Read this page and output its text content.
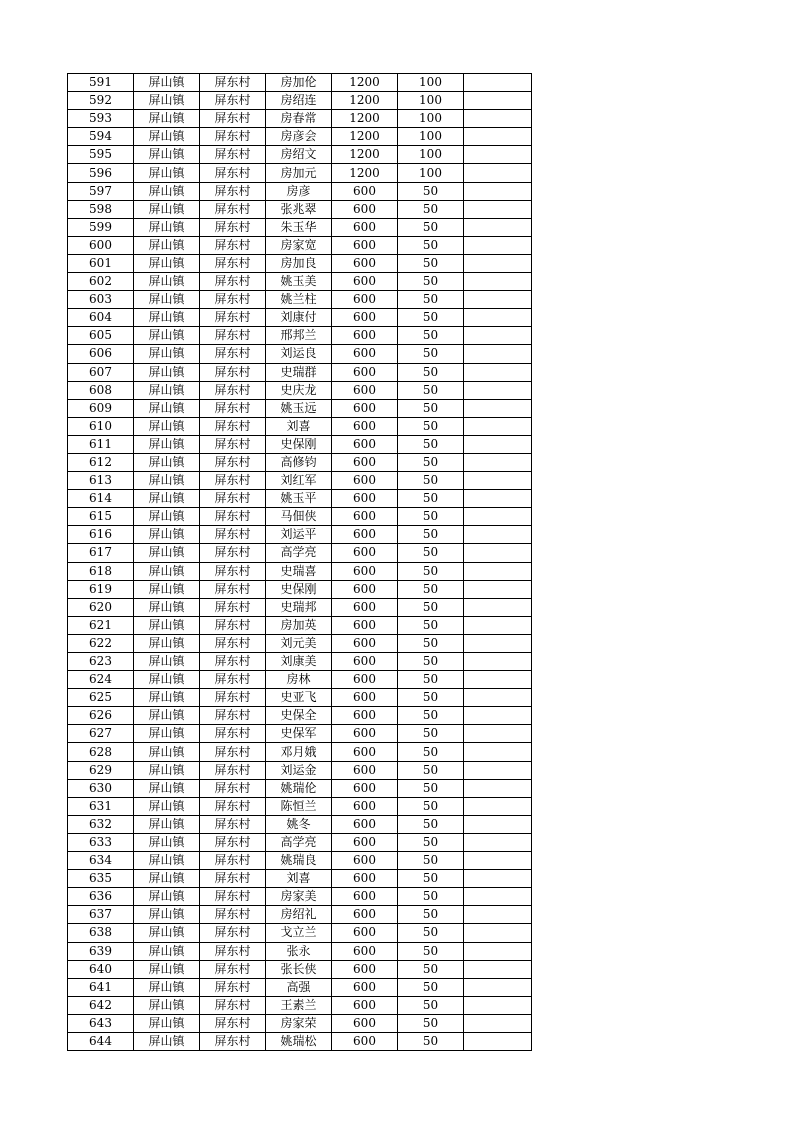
591	屏山镇	屏东村	房加伦	1200	100	
592	屏山镇	屏东村	房绍连	1200	100	
593	屏山镇	屏东村	房春常	1200	100	
594	屏山镇	屏东村	房彦会	1200	100	
595	屏山镇	屏东村	房绍文	1200	100	
596	屏山镇	屏东村	房加元	1200	100	
597	屏山镇	屏东村	房彦	600	50	
598	屏山镇	屏东村	张兆翠	600	50	
599	屏山镇	屏东村	朱玉华	600	50	
600	屏山镇	屏东村	房家宽	600	50	
601	屏山镇	屏东村	房加良	600	50	
602	屏山镇	屏东村	姚玉美	600	50	
603	屏山镇	屏东村	姚兰柱	600	50	
604	屏山镇	屏东村	刘康付	600	50	
605	屏山镇	屏东村	邢邦兰	600	50	
606	屏山镇	屏东村	刘运良	600	50	
607	屏山镇	屏东村	史瑞群	600	50	
608	屏山镇	屏东村	史庆龙	600	50	
609	屏山镇	屏东村	姚玉远	600	50	
610	屏山镇	屏东村	刘喜	600	50	
611	屏山镇	屏东村	史保刚	600	50	
612	屏山镇	屏东村	高修钧	600	50	
613	屏山镇	屏东村	刘红军	600	50	
614	屏山镇	屏东村	姚玉平	600	50	
615	屏山镇	屏东村	马佃侠	600	50	
616	屏山镇	屏东村	刘运平	600	50	
617	屏山镇	屏东村	高学亮	600	50	
618	屏山镇	屏东村	史瑞喜	600	50	
619	屏山镇	屏东村	史保刚	600	50	
620	屏山镇	屏东村	史瑞邦	600	50	
621	屏山镇	屏东村	房加英	600	50	
622	屏山镇	屏东村	刘元美	600	50	
623	屏山镇	屏东村	刘康美	600	50	
624	屏山镇	屏东村	房林	600	50	
625	屏山镇	屏东村	史亚飞	600	50	
626	屏山镇	屏东村	史保全	600	50	
627	屏山镇	屏东村	史保军	600	50	
628	屏山镇	屏东村	邓月娥	600	50	
629	屏山镇	屏东村	刘运金	600	50	
630	屏山镇	屏东村	姚瑞伦	600	50	
631	屏山镇	屏东村	陈恒兰	600	50	
632	屏山镇	屏东村	姚冬	600	50	
633	屏山镇	屏东村	高学亮	600	50	
634	屏山镇	屏东村	姚瑞良	600	50	
635	屏山镇	屏东村	刘喜	600	50	
636	屏山镇	屏东村	房家美	600	50	
637	屏山镇	屏东村	房绍礼	600	50	
638	屏山镇	屏东村	戈立兰	600	50	
639	屏山镇	屏东村	张永	600	50	
640	屏山镇	屏东村	张长侠	600	50	
641	屏山镇	屏东村	高强	600	50	
642	屏山镇	屏东村	王素兰	600	50	
643	屏山镇	屏东村	房家荣	600	50	
644	屏山镇	屏东村	姚瑞松	600	50	
